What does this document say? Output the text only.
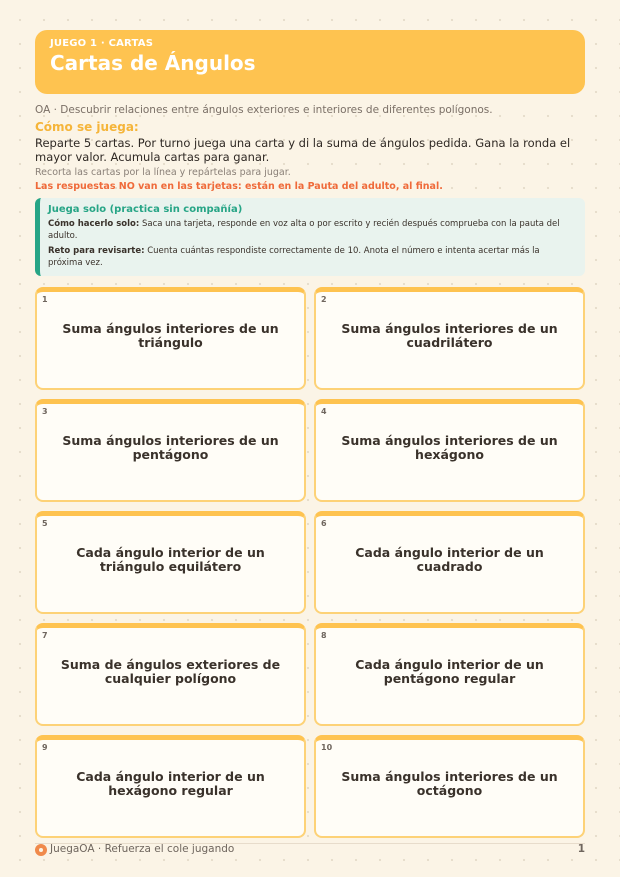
JUEGO 1 · CARTAS
Cartas de Ángulos
OA · Descubrir relaciones entre ángulos exteriores e interiores de diferentes polígonos.
Cómo se juega:
Reparte 5 cartas. Por turno juega una carta y di la suma de ángulos pedida. Gana la ronda el mayor valor. Acumula cartas para ganar.
Recorta las cartas por la línea y repártelas para jugar.
Las respuestas NO van en las tarjetas: están en la Pauta del adulto, al final.
Juega solo (practica sin compañía)

Cómo hacerlo solo: Saca una tarjeta, responde en voz alta o por escrito y recién después comprueba con la pauta del adulto.

Reto para revisarte: Cuenta cuántas respondiste correctamente de 10. Anota el número e intenta acertar más la próxima vez.

1
Suma ángulos interiores de un triángulo
2
Suma ángulos interiores de un cuadrilátero
3
Suma ángulos interiores de un pentágono
4
Suma ángulos interiores de un hexágono
5
Cada ángulo interior de un triángulo equilátero
6
Cada ángulo interior de un cuadrado
7
Suma de ángulos exteriores de cualquier polígono
8
Cada ángulo interior de un pentágono regular
9
Cada ángulo interior de un hexágono regular
10
Suma ángulos interiores de un octágono
JuegaOA · Refuerza el cole jugando	1
